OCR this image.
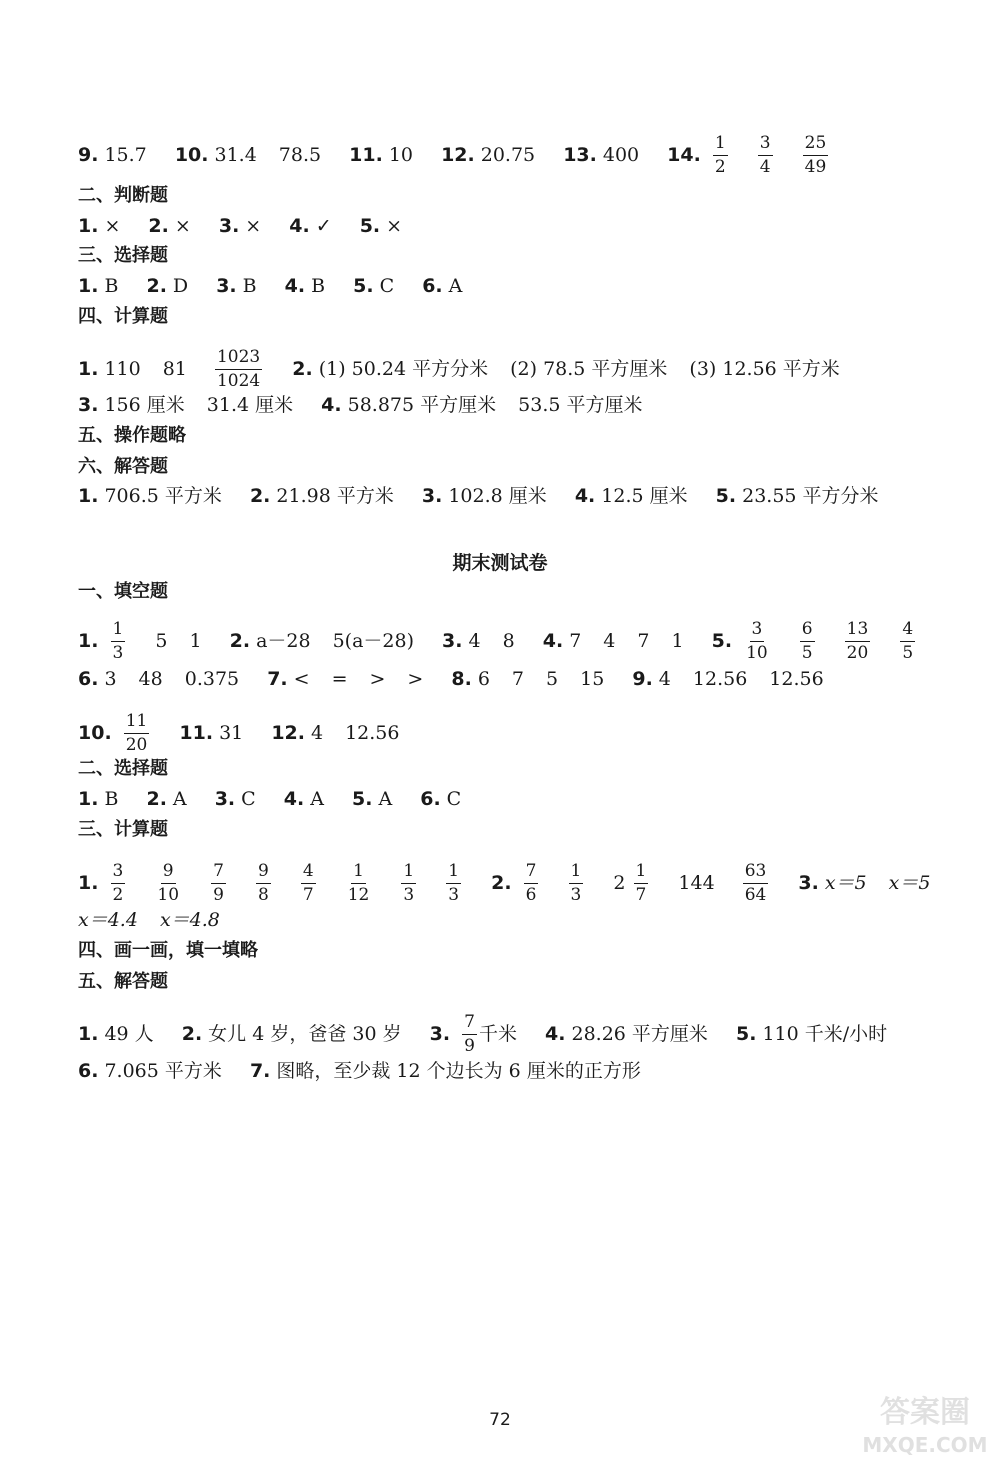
9. 15.7 10. 31.4 78.5 11. 10 12. 20.75 13. 400 14. $\frac{1}{2}$
$\frac{3}{4}$
$\frac{25}{49}$
二、判断题
1. × 2. × 3. × 4. ✓ 5. ×
三、选择题
1. B 2. D 3. B 4. B 5. C 6. A
四、计算题
1. 110 $81 \frac{1023}{1024} 2$. (1) 50.24 平方分米 (2) 78.5 平方厘米 (3) 12.56 平方米
3. 156 厘米 31.4 厘米 4. 58.875 平方厘米 53.5 平方厘米
五、操作题略
六、解答题
1. 706.5 平方米 2. 21.98 平方米 3. 102.8 厘米 4. 12.5 厘米 5. 23.55 平方分米
期末测试卷
一、填空题
1. $\frac{1}{3} 5$ 1 2. a－28 5(a－28) 3. 4 8 4. 7 4 7 1 5. $\frac{3}{10}$
$\frac{6}{5}$
$\frac{13}{20}$
$\frac{4}{5}$
6. 3 48 0.375 7. < = > > 8. 6 7 5 15 9. 4 12.56 12.56
10. $\frac{11}{20} 11$. 31 12. 4 12.56
二、选择题
1. B 2. A 3. C 4. A 5. A 6. C
三、计算题
1. $\frac{3}{2}$
$\frac{9}{10}$
$\frac{7}{9}$
$\frac{9}{8}$
$\frac{4}{7}$
$\frac{1}{12}$
$\frac{1}{3}$
$\frac{1}{3} 2$. $\frac{7}{6}$
$\frac{1}{3} 2 \frac{1}{7} 144 \frac{63}{64} 3$. x＝5 x＝5
x＝4.4 x＝4.8
四、画一画，填一填略
五、解答题
1. 49 人 2. 女儿 4 岁，爸爸 30 岁 3. $\frac{7}{9}$ 千米 4. 28.26 平方厘米 5. 110 千米/小时
6. 7.065 平方米 7. 图略，至少裁 12 个边长为 6 厘米的正方形
72	答案圈
MXQE.COM
